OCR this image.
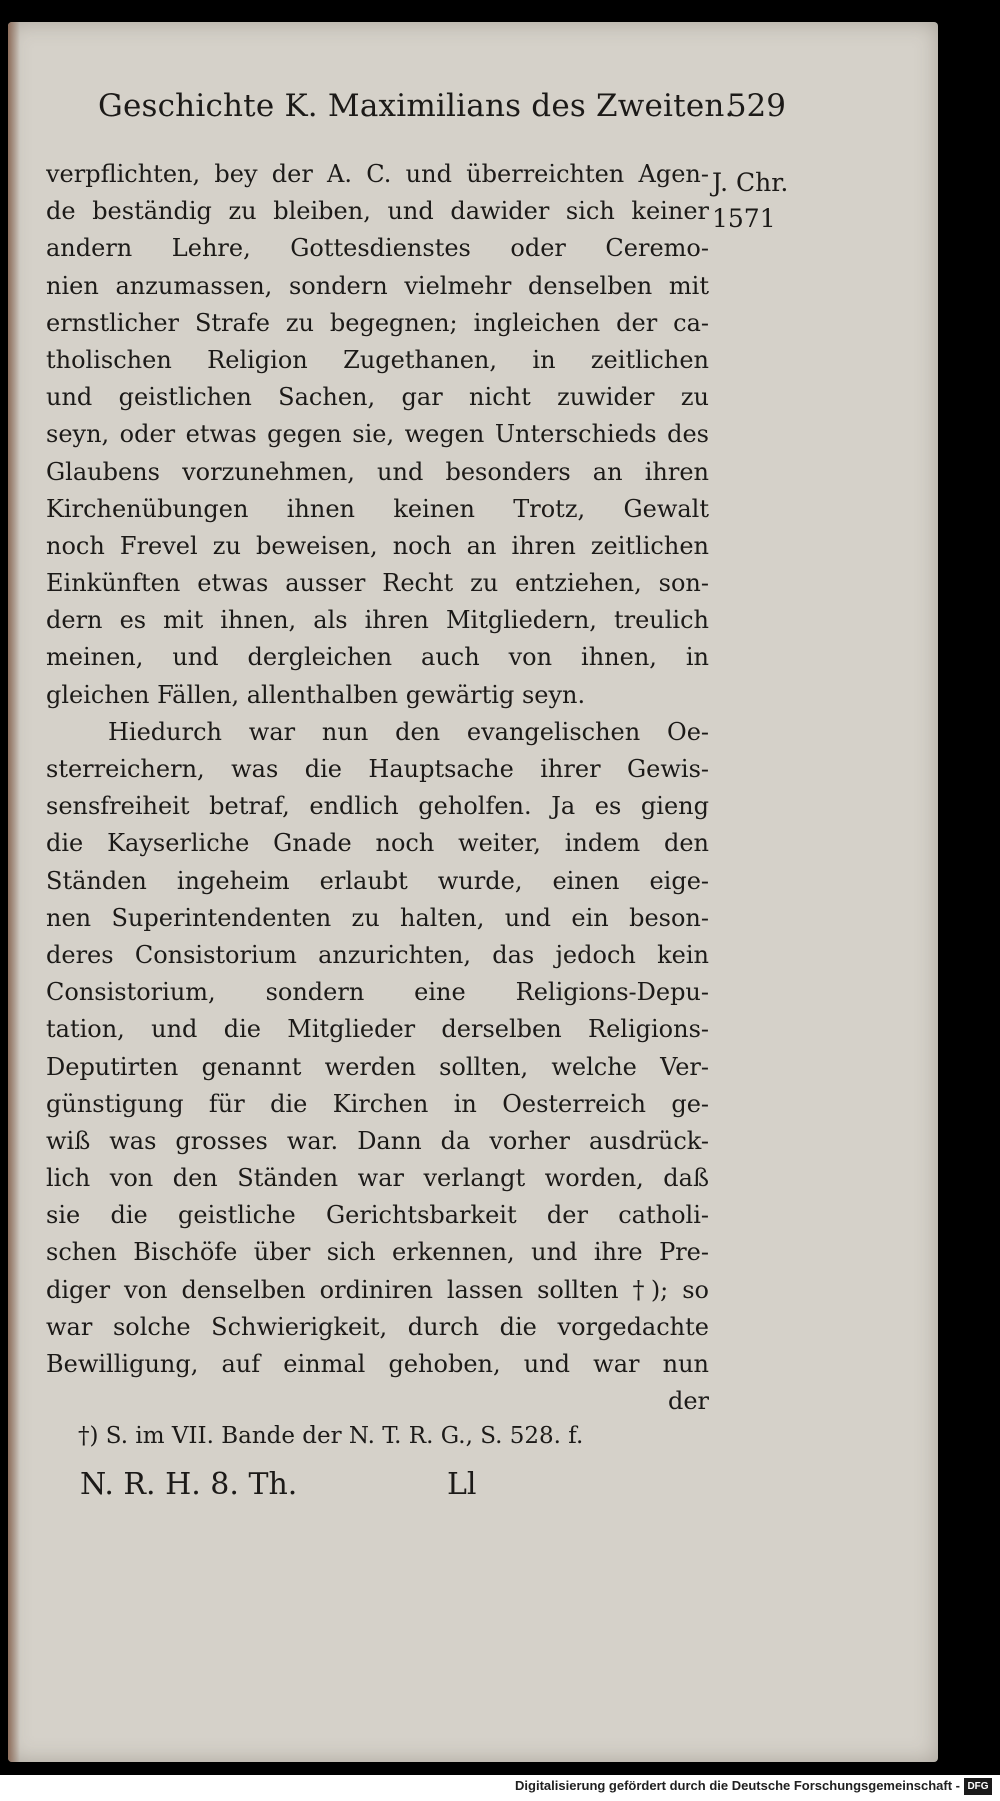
Geschichte K. Maximilians des Zweiten.
529
J. Chr.
1571
verpflichten, bey der A. C. und überreichten Agen-
de beständig zu bleiben, und dawider sich keiner
andern Lehre, Gottesdienstes oder Ceremo-
nien anzumassen, sondern vielmehr denselben mit
ernstlicher Strafe zu begegnen; ingleichen der ca-
tholischen Religion Zugethanen, in zeitlichen
und geistlichen Sachen, gar nicht zuwider zu
seyn, oder etwas gegen sie, wegen Unterschieds des
Glaubens vorzunehmen, und besonders an ihren
Kirchenübungen ihnen keinen Trotz, Gewalt
noch Frevel zu beweisen, noch an ihren zeitlichen
Einkünften etwas ausser Recht zu entziehen, son-
dern es mit ihnen, als ihren Mitgliedern, treulich
meinen, und dergleichen auch von ihnen, in
gleichen Fällen, allenthalben gewärtig seyn.
Hiedurch war nun den evangelischen Oe-
sterreichern, was die Hauptsache ihrer Gewis-
sensfreiheit betraf, endlich geholfen. Ja es gieng
die Kayserliche Gnade noch weiter, indem den
Ständen ingeheim erlaubt wurde, einen eige-
nen Superintendenten zu halten, und ein beson-
deres Consistorium anzurichten, das jedoch kein
Consistorium, sondern eine Religions-Depu-
tation, und die Mitglieder derselben Religions-
Deputirten genannt werden sollten, welche Ver-
günstigung für die Kirchen in Oesterreich ge-
wiß was grosses war. Dann da vorher ausdrück-
lich von den Ständen war verlangt worden, daß
sie die geistliche Gerichtsbarkeit der catholi-
schen Bischöfe über sich erkennen, und ihre Pre-
diger von denselben ordiniren lassen sollten †); so
war solche Schwierigkeit, durch die vorgedachte
Bewilligung, auf einmal gehoben, und war nun
der
†) S. im VII. Bande der N. T. R. G., S. 528. f.
N. R. H. 8. Th.	Ll
Digitalisierung gefördert durch die Deutsche Forschungsgemeinschaft - DFG
